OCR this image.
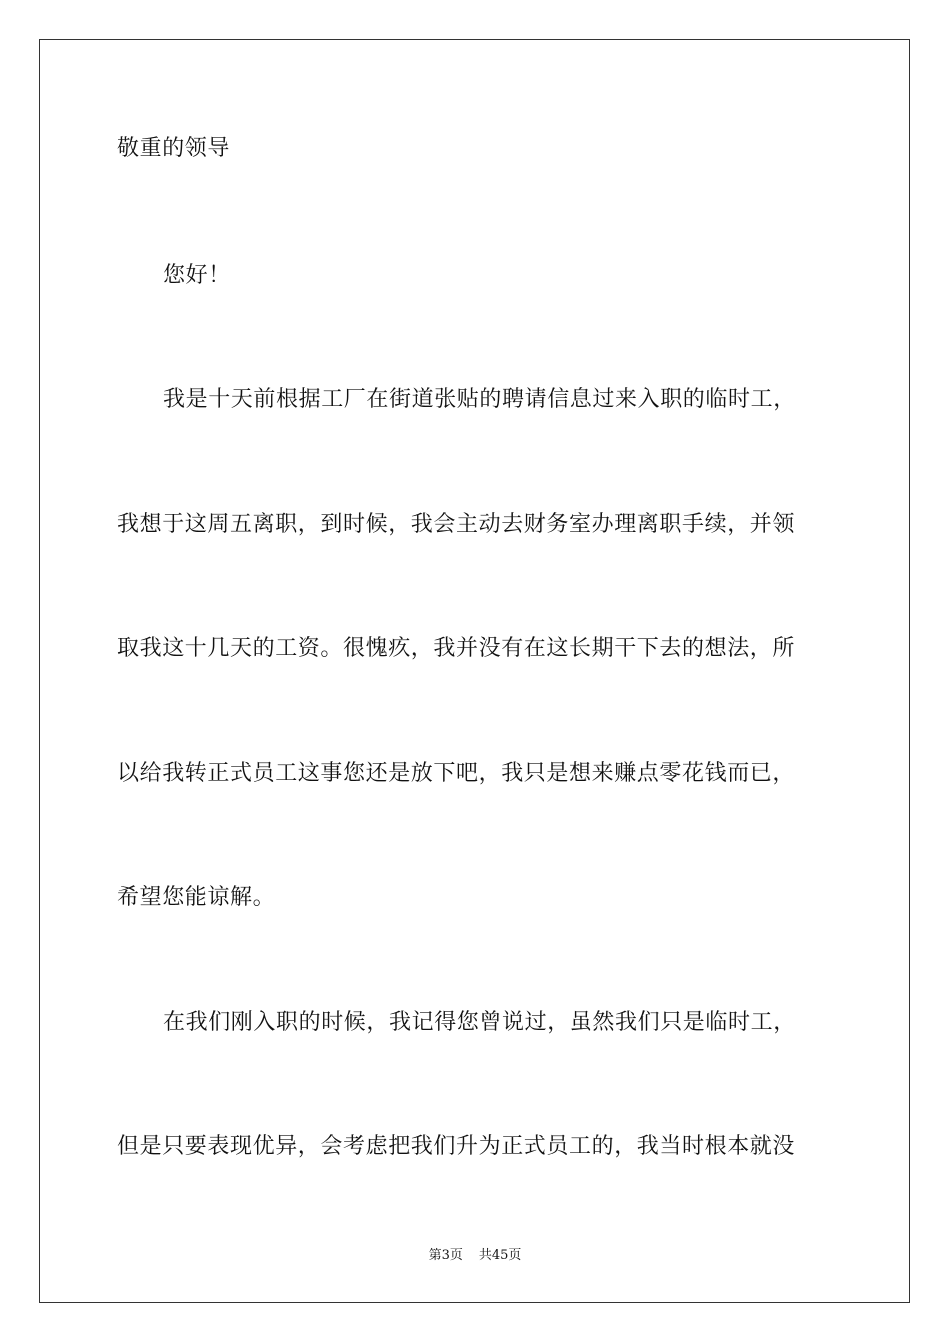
敬重的领导
您好！
我是十天前根据工厂在街道张贴的聘请信息过来入职的临时工，
我想于这周五离职，到时候，我会主动去财务室办理离职手续，并领
取我这十几天的工资。很愧疚，我并没有在这长期干下去的想法，所
以给我转正式员工这事您还是放下吧，我只是想来赚点零花钱而已，
希望您能谅解。
在我们刚入职的时候，我记得您曾说过，虽然我们只是临时工，
但是只要表现优异，会考虑把我们升为正式员工的，我当时根本就没
第3页 共45页
